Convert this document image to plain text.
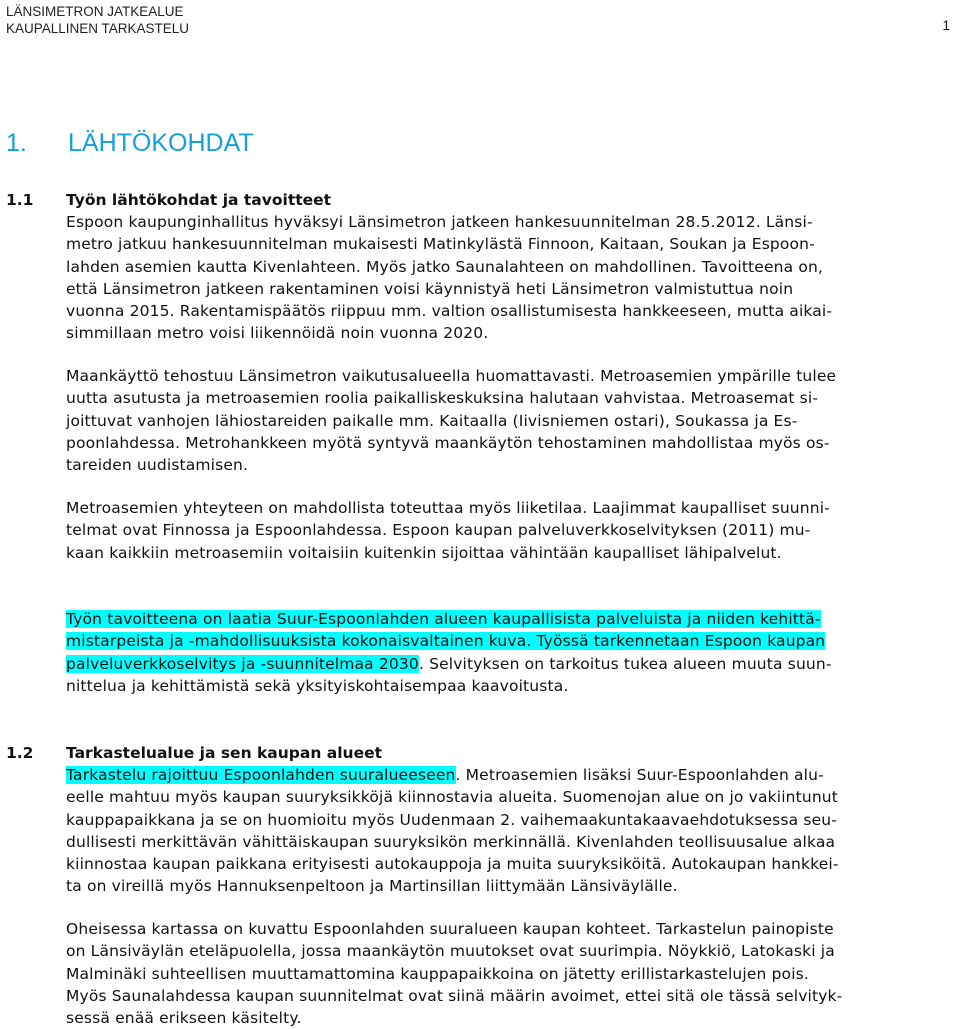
LÄNSIMETRON JATKEALUE
KAUPALLINEN TARKASTELU	1
1. LÄHTÖKOHDAT
1.1 Työn lähtökohdat ja tavoitteet
Espoon kaupunginhallitus hyväksyi Länsimetron jatkeen hankesuunnitelman 28.5.2012. Länsi-
metro jatkuu hankesuunnitelman mukaisesti Matinkylästä Finnoon, Kaitaan, Soukan ja Espoon-
lahden asemien kautta Kivenlahteen. Myös jatko Saunalahteen on mahdollinen. Tavoitteena on,
että Länsimetron jatkeen rakentaminen voisi käynnistyä heti Länsimetron valmistuttua noin
vuonna 2015. Rakentamispäätös riippuu mm. valtion osallistumisesta hankkeeseen, mutta aikai-
simmillaan metro voisi liikennöidä noin vuonna 2020.
Maankäyttö tehostuu Länsimetron vaikutusalueella huomattavasti. Metroasemien ympärille tulee
uutta asutusta ja metroasemien roolia paikalliskeskuksina halutaan vahvistaa. Metroasemat si-
joittuvat vanhojen lähiostareiden paikalle mm. Kaitaalla (Iivisniemen ostari), Soukassa ja Es-
poonlahdessa. Metrohankkeen myötä syntyvä maankäytön tehostaminen mahdollistaa myös os-
tareiden uudistamisen.
Metroasemien yhteyteen on mahdollista toteuttaa myös liiketilaa. Laajimmat kaupalliset suunni-
telmat ovat Finnossa ja Espoonlahdessa. Espoon kaupan palveluverkkoselvityksen (2011) mu-
kaan kaikkiin metroasemiin voitaisiin kuitenkin sijoittaa vähintään kaupalliset lähipalvelut.
Työn tavoitteena on laatia Suur-Espoonlahden alueen kaupallisista palveluista ja niiden kehittä-
mistarpeista ja -mahdollisuuksista kokonaisvaltainen kuva. Työssä tarkennetaan Espoon kaupan
palveluverkkoselvitys ja -suunnitelmaa 2030. Selvityksen on tarkoitus tukea alueen muuta suun-
nittelua ja kehittämistä sekä yksityiskohtaisempaa kaavoitusta.
1.2 Tarkastelualue ja sen kaupan alueet
Tarkastelu rajoittuu Espoonlahden suuralueeseen. Metroasemien lisäksi Suur-Espoonlahden alu-
eelle mahtuu myös kaupan suuryksikköjä kiinnostavia alueita. Suomenojan alue on jo vakiintunut
kauppapaikkana ja se on huomioitu myös Uudenmaan 2. vaihemaakuntakaavaehdotuksessa seu-
dullisesti merkittävän vähittäiskaupan suuryksikön merkinnällä. Kivenlahden teollisuusalue alkaa
kiinnostaa kaupan paikkana erityisesti autokauppoja ja muita suuryksiköitä. Autokaupan hankkei-
ta on vireillä myös Hannuksenpeltoon ja Martinsillan liittymään Länsiväylälle.
Oheisessa kartassa on kuvattu Espoonlahden suuralueen kaupan kohteet. Tarkastelun painopiste
on Länsiväylän eteläpuolella, jossa maankäytön muutokset ovat suurimpia. Nöykkiö, Latokaski ja
Malminäki suhteellisen muuttamattomina kauppapaikkoina on jätetty erillistarkastelujen pois.
Myös Saunalahdessa kaupan suunnitelmat ovat siinä määrin avoimet, ettei sitä ole tässä selvityk-
sessä enää erikseen käsitelty.
